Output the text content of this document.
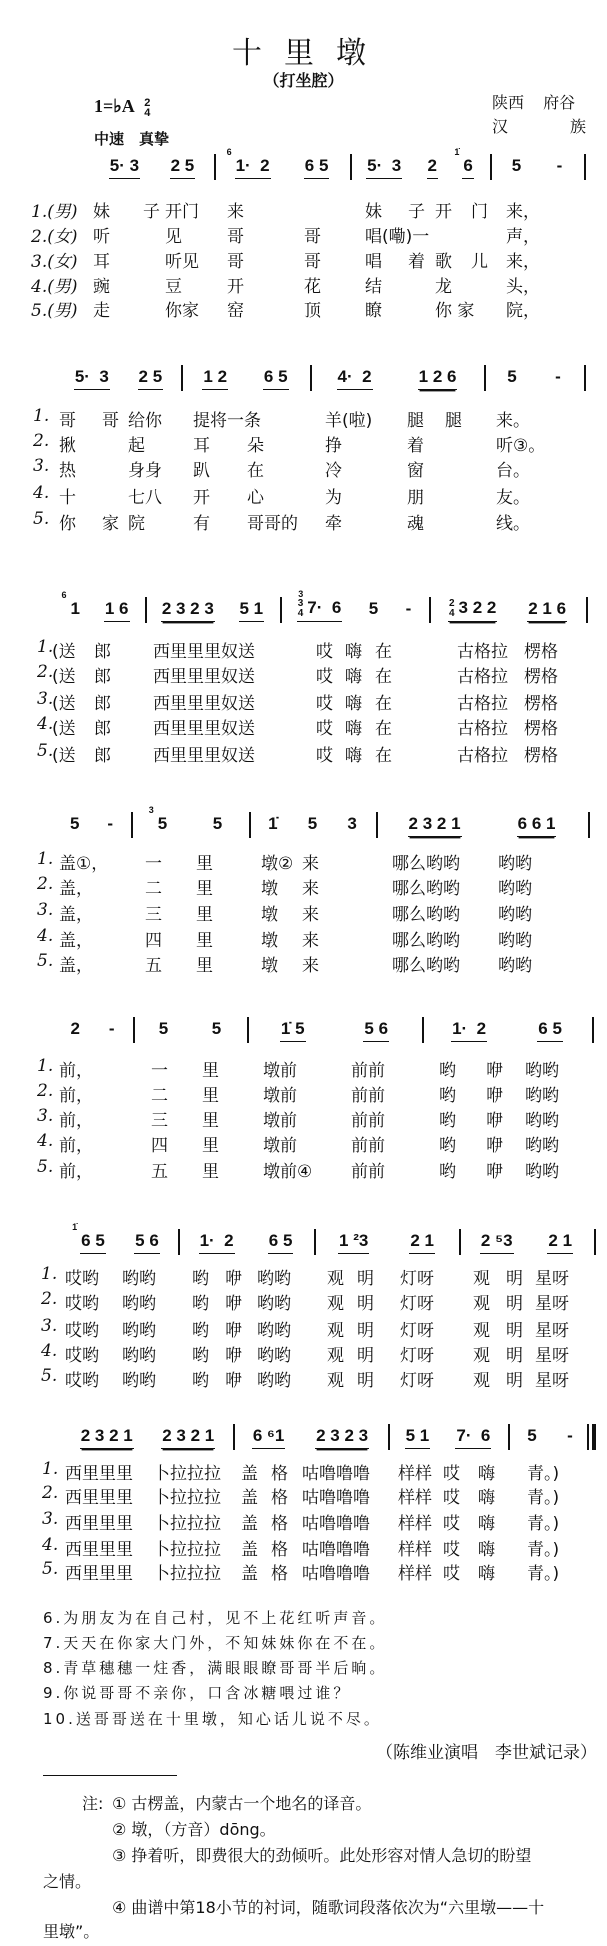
十里墩
（打坐腔）
1=♭A 2
4
中速　真挚
陕西 府谷
汉	族
5· 3 2 5 1·  2
6
6 5 5·  3 2 6
1̇
5 -
1.(男) 妹 子 开门 来	妹 子 开 门 来，
2.(女) 听	见	哥	哥	唱(嘞)一	声，
3.(女) 耳	听见 哥	哥	唱 着 歌 儿 来，
4.(男) 豌	豆	开	花	结	龙	头，
5.(男) 走	你家 窑	顶	瞭	你 家 院，
5·  3 2 5 1 2 6 5	4·  2	1 2 6	5 -
1. 哥 哥 给你 提将一条	羊(啦) 腿 腿 来。
2. 揪	起	耳 朵	挣	着	听③。
3. 热	身身 趴 在	冷	窗	台。
4. 十	七八 开 心	为	朋	友。
5. 你 家 院	有 哥哥的 牵	魂	线。
1
6
1 6 2 3 2 3 5 1	3
4 7·  6
3
5 -	2
4 3 2 2 2 1 6
1.
(送 郎 西里里里奴送	哎 嗨 在	古格拉 楞格
2.
(送 郎 西里里里奴送	哎 嗨 在	古格拉 楞格
3.
(送 郎 西里里里奴送	哎 嗨 在	古格拉 楞格
4.
(送 郎 西里里里奴送	哎 嗨 在	古格拉 楞格
5.
(送 郎 西里里里奴送	哎 嗨 在	古格拉 楞格
5 -	5
3
5	1̇ 5 3	2 3 2 1	6 6 1
1. 盖①， 一 里	墩② 来	哪么哟哟 哟哟
2. 盖，	二 里	墩 来	哪么哟哟 哟哟
3. 盖，	三 里	墩 来	哪么哟哟 哟哟
4. 盖，	四 里	墩 来	哪么哟哟 哟哟
5. 盖，	五 里	墩 来	哪么哟哟 哟哟
2 -	5	5	1̇ 5	5 6	1·  2	6 5
1. 前，	一 里	墩前	前前	哟 咿 哟哟
2. 前，	二 里	墩前	前前	哟 咿 哟哟
3. 前，	三 里	墩前	前前	哟 咿 哟哟
4. 前，	四 里	墩前	前前	哟 咿 哟哟
5. 前，	五 里	墩前④ 前前	哟 咿 哟哟
6 5
1̇
5 6 1·  2 6 5	1 ²3 2 1	2 ⁵3 2 1
1. 哎哟 哟哟 哟 咿 哟哟 观 明 灯呀 观 明 星呀
2. 哎哟 哟哟 哟 咿 哟哟 观 明 灯呀 观 明 星呀
3. 哎哟 哟哟 哟 咿 哟哟 观 明 灯呀 观 明 星呀
4. 哎哟 哟哟 哟 咿 哟哟 观 明 灯呀 观 明 星呀
5. 哎哟 哟哟 哟 咿 哟哟 观 明 灯呀 观 明 星呀
2 3 2 1 2 3 2 1 6 ⁶1 2 3 2 3 5 1 7·  6 5 -
1. 西里里里 卜拉拉拉 盖 格 咕噜噜噜 样样 哎 嗨 青。)
2. 西里里里 卜拉拉拉 盖 格 咕噜噜噜 样样 哎 嗨 青。)
3. 西里里里 卜拉拉拉 盖 格 咕噜噜噜 样样 哎 嗨 青。)
4. 西里里里 卜拉拉拉 盖 格 咕噜噜噜 样样 哎 嗨 青。)
5. 西里里里 卜拉拉拉 盖 格 咕噜噜噜 样样 哎 嗨 青。)
6.为朋友为在自己村，见不上花红听声音。
7.天天在你家大门外，不知妹妹你在不在。
8.青草穗穗一炷香，满眼眼瞭哥哥半后晌。
9.你说哥哥不亲你，口含冰糖喂过谁？
10.送哥哥送在十里墩，知心话儿说不尽。
（陈维业演唱　李世斌记录）
注: ① 古楞盖，内蒙古一个地名的译音。
② 墩，（方音）dōng。
③ 挣着听，即费很大的劲倾听。此处形容对情人急切的盼望
之情。
④ 曲谱中第18小节的衬词，随歌词段落依次为“六里墩——十
里墩”。
